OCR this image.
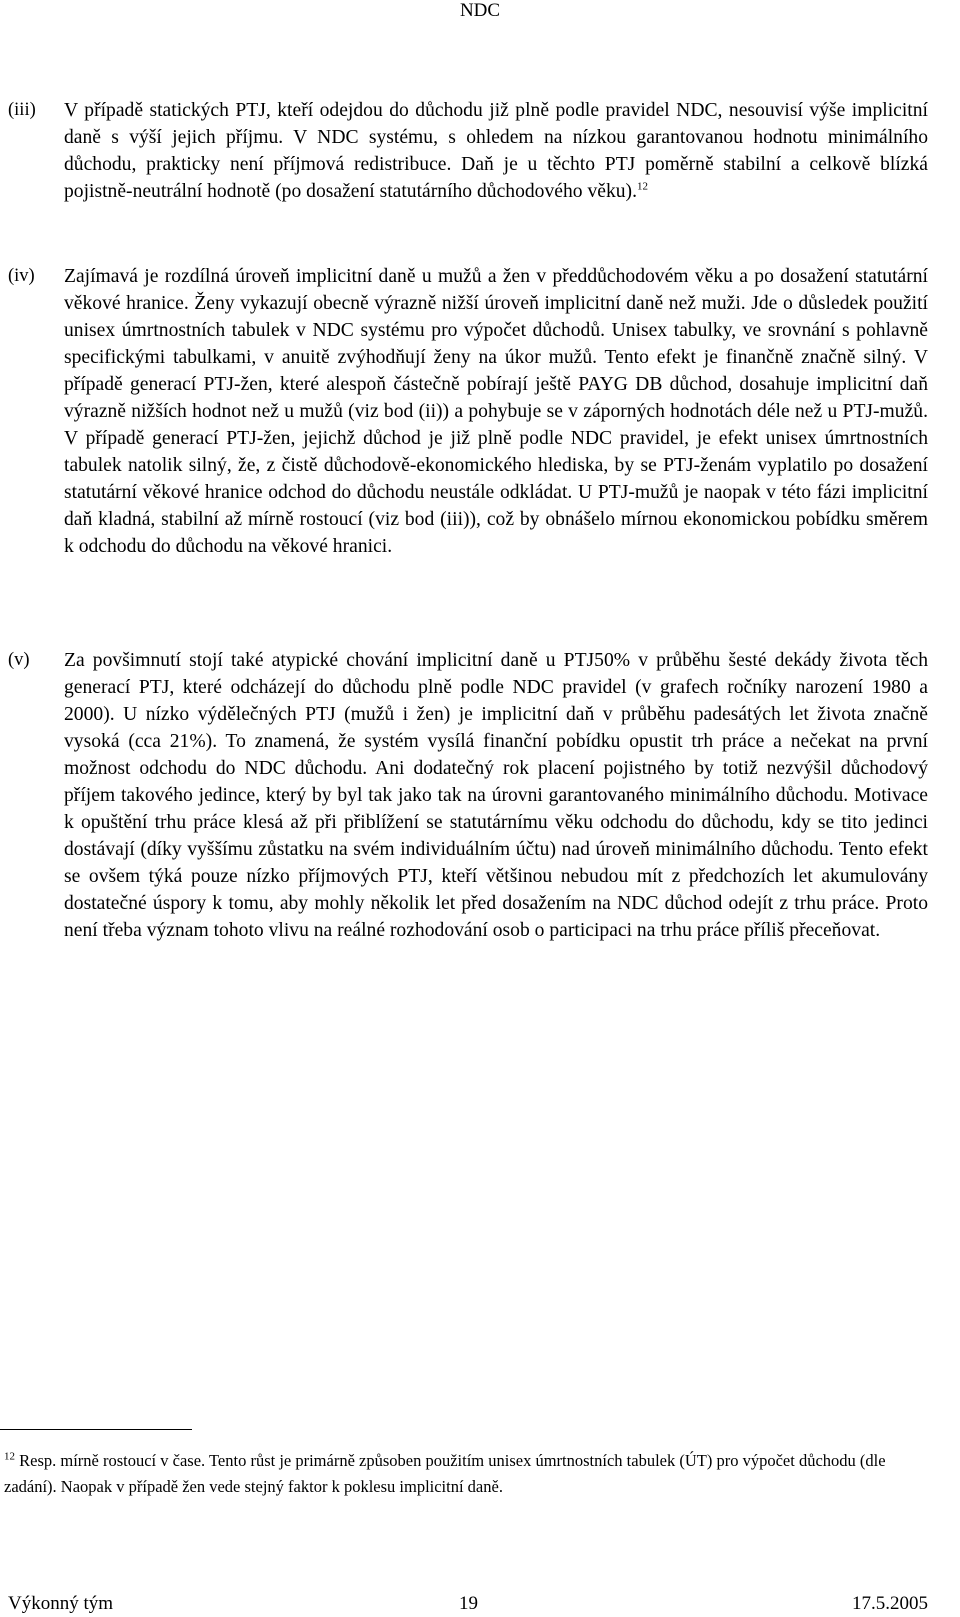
NDC
(iii) V případě statických PTJ, kteří odejdou do důchodu již plně podle pravidel NDC, nesouvisí výše implicitní daně s výší jejich příjmu. V NDC systému, s ohledem na nízkou garantovanou hodnotu minimálního důchodu, prakticky není příjmová redistribuce. Daň je u těchto PTJ poměrně stabilní a celkově blízká pojistně-neutrální hodnotě (po dosažení statutárního důchodového věku).$^{12}$

(iv) Zajímavá je rozdílná úroveň implicitní daně u mužů a žen v předdůchodovém věku a po dosažení statutární věkové hranice. Ženy vykazují obecně výrazně nižší úroveň implicitní daně než muži. Jde o důsledek použití unisex úmrtnostních tabulek v NDC systému pro výpočet důchodů. Unisex tabulky, ve srovnání s pohlavně specifickými tabulkami, v anuitě zvýhodňují ženy na úkor mužů. Tento efekt je finančně značně silný. V případě generací PTJ-žen, které alespoň částečně pobírají ještě PAYG DB důchod, dosahuje implicitní daň výrazně nižších hodnot než u mužů (viz bod (ii)) a pohybuje se v záporných hodnotách déle než u PTJ-mužů. V případě generací PTJ-žen, jejichž důchod je již plně podle NDC pravidel, je efekt unisex úmrtnostních tabulek natolik silný, že, z čistě důchodově-ekonomického hlediska, by se PTJ-ženám vyplatilo po dosažení statutární věkové hranice odchod do důchodu neustále odkládat. U PTJ-mužů je naopak v této fázi implicitní daň kladná, stabilní až mírně rostoucí (viz bod (iii)), což by obnášelo mírnou ekonomickou pobídku směrem k odchodu do důchodu na věkové hranici.

(v) Za povšimnutí stojí také atypické chování implicitní daně u PTJ50% v průběhu šesté dekády života těch generací PTJ, které odcházejí do důchodu plně podle NDC pravidel (v grafech ročníky narození 1980 a 2000). U nízko výdělečných PTJ (mužů i žen) je implicitní daň v průběhu padesátých let života značně vysoká (cca 21%). To znamená, že systém vysílá finanční pobídku opustit trh práce a nečekat na první možnost odchodu do NDC důchodu. Ani dodatečný rok placení pojistného by totiž nezvýšil důchodový příjem takového jedince, který by byl tak jako tak na úrovni garantovaného minimálního důchodu. Motivace k opuštění trhu práce klesá až při přiblížení se statutárnímu věku odchodu do důchodu, kdy se tito jedinci dostávají (díky vyššímu zůstatku na svém individuálním účtu) nad úroveň minimálního důchodu. Tento efekt se ovšem týká pouze nízko příjmových PTJ, kteří většinou nebudou mít z předchozích let akumulovány dostatečné úspory k tomu, aby mohly několik let před dosažením na NDC důchod odejít z trhu práce. Proto není třeba význam tohoto vlivu na reálné rozhodování osob o participaci na trhu práce příliš přeceňovat.

$^{12}$ Resp. mírně rostoucí v čase. Tento růst je primárně způsoben použitím unisex úmrtnostních tabulek (ÚT) pro výpočet důchodu (dle zadání). Naopak v případě žen vede stejný faktor k poklesu implicitní daně.

Výkonný tým	19	17.5.2005
